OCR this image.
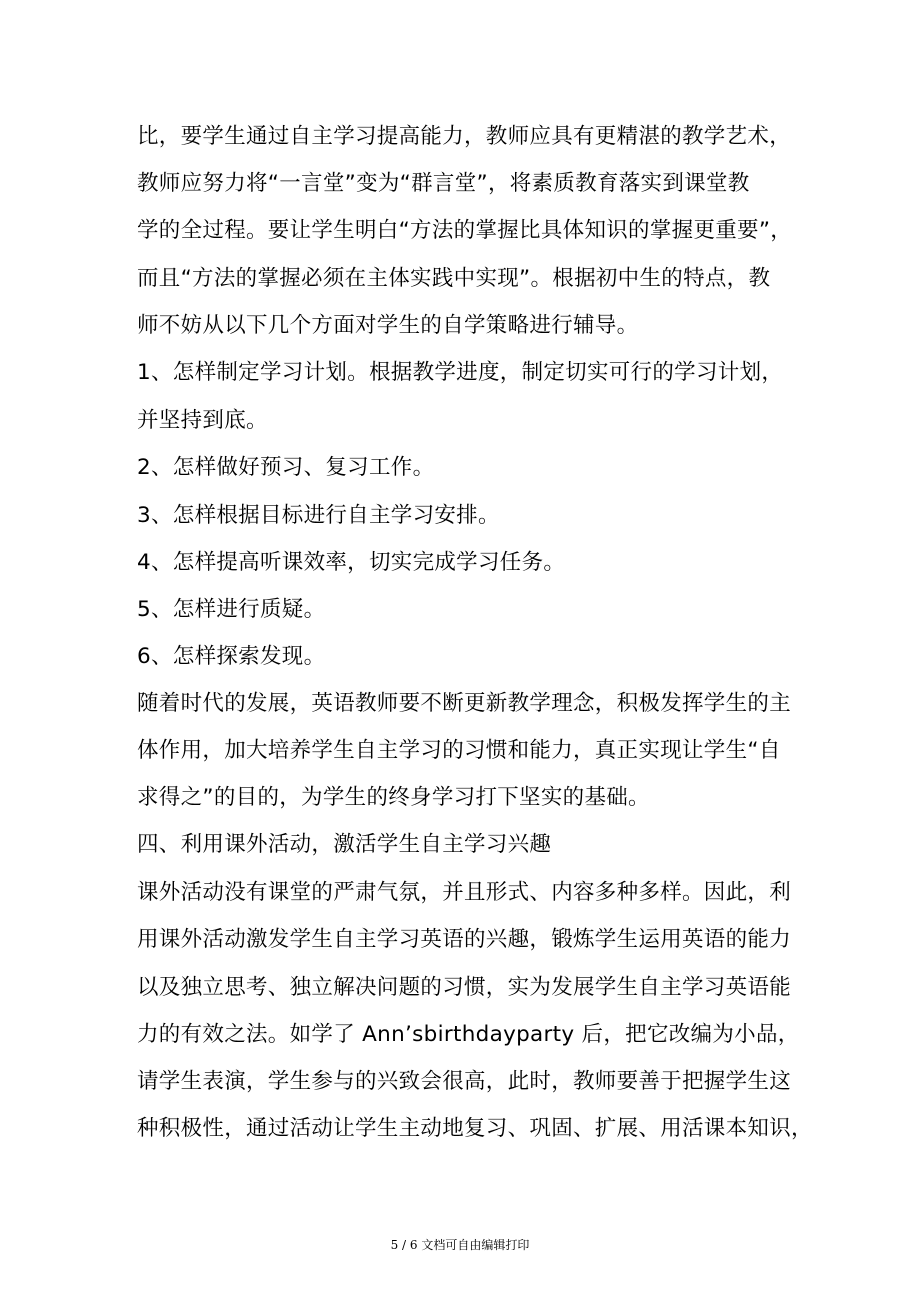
比，要学生通过自主学习提高能力，教师应具有更精湛的教学艺术，
教师应努力将“一言堂”变为“群言堂”，将素质教育落实到课堂教
学的全过程。要让学生明白“方法的掌握比具体知识的掌握更重要”，
而且“方法的掌握必须在主体实践中实现”。根据初中生的特点，教
师不妨从以下几个方面对学生的自学策略进行辅导。
1、怎样制定学习计划。根据教学进度，制定切实可行的学习计划，
并坚持到底。
2、怎样做好预习、复习工作。
3、怎样根据目标进行自主学习安排。
4、怎样提高听课效率，切实完成学习任务。
5、怎样进行质疑。
6、怎样探索发现。
随着时代的发展，英语教师要不断更新教学理念，积极发挥学生的主
体作用，加大培养学生自主学习的习惯和能力，真正实现让学生“自
求得之”的目的，为学生的终身学习打下坚实的基础。
四、利用课外活动，激活学生自主学习兴趣
课外活动没有课堂的严肃气氛，并且形式、内容多种多样。因此，利
用课外活动激发学生自主学习英语的兴趣，锻炼学生运用英语的能力
以及独立思考、独立解决问题的习惯，实为发展学生自主学习英语能
力的有效之法。如学了 Ann’sbirthdayparty 后，把它改编为小品，
请学生表演，学生参与的兴致会很高，此时，教师要善于把握学生这
种积极性，通过活动让学生主动地复习、巩固、扩展、用活课本知识，
5 / 6 文档可自由编辑打印
